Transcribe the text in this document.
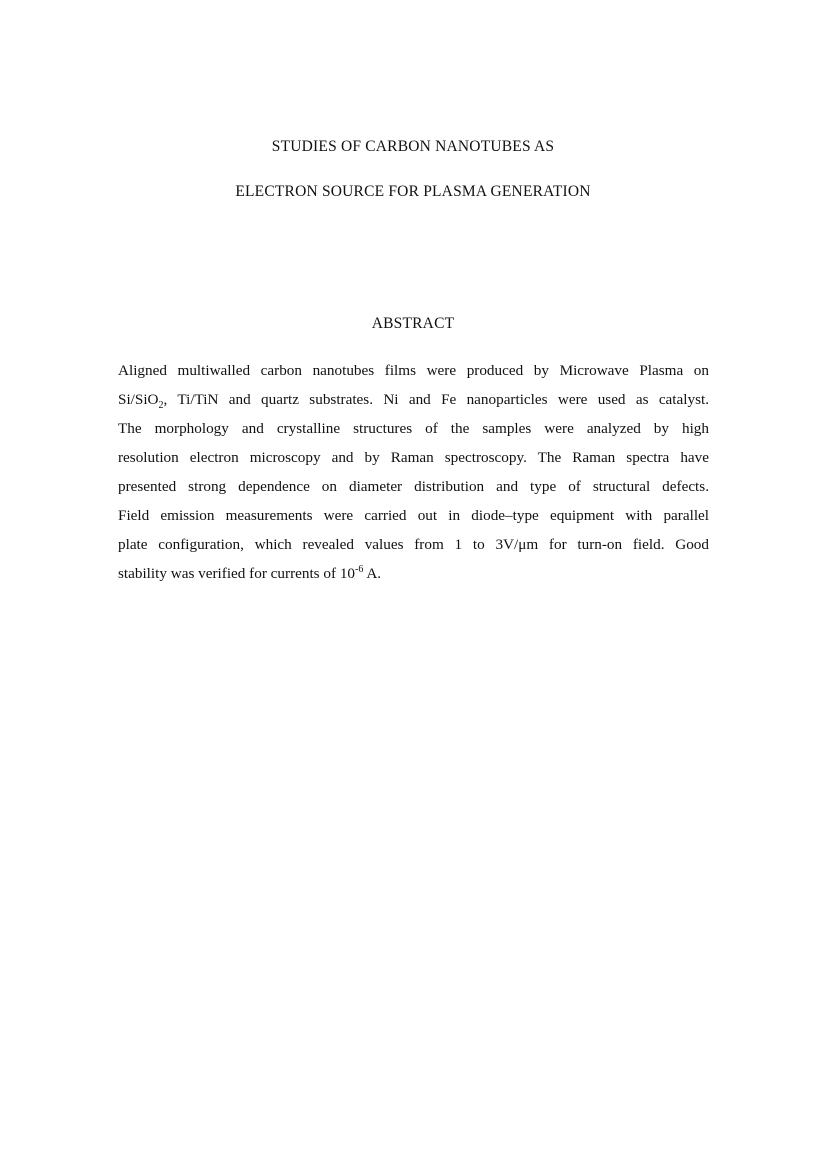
STUDIES OF CARBON NANOTUBES AS
ELECTRON SOURCE FOR PLASMA GENERATION
ABSTRACT
Aligned multiwalled carbon nanotubes films were produced by Microwave Plasma on
Si/SiO$_2$, Ti/TiN and quartz substrates. Ni and Fe nanoparticles were used as catalyst.
The morphology and crystalline structures of the samples were analyzed by high
resolution electron microscopy and by Raman spectroscopy. The Raman spectra have
presented strong dependence on diameter distribution and type of structural defects.
Field emission measurements were carried out in diode–type equipment with parallel
plate configuration, which revealed values from 1 to 3V/μm for turn-on field. Good
stability was verified for currents of $10^{-6}$ A.
